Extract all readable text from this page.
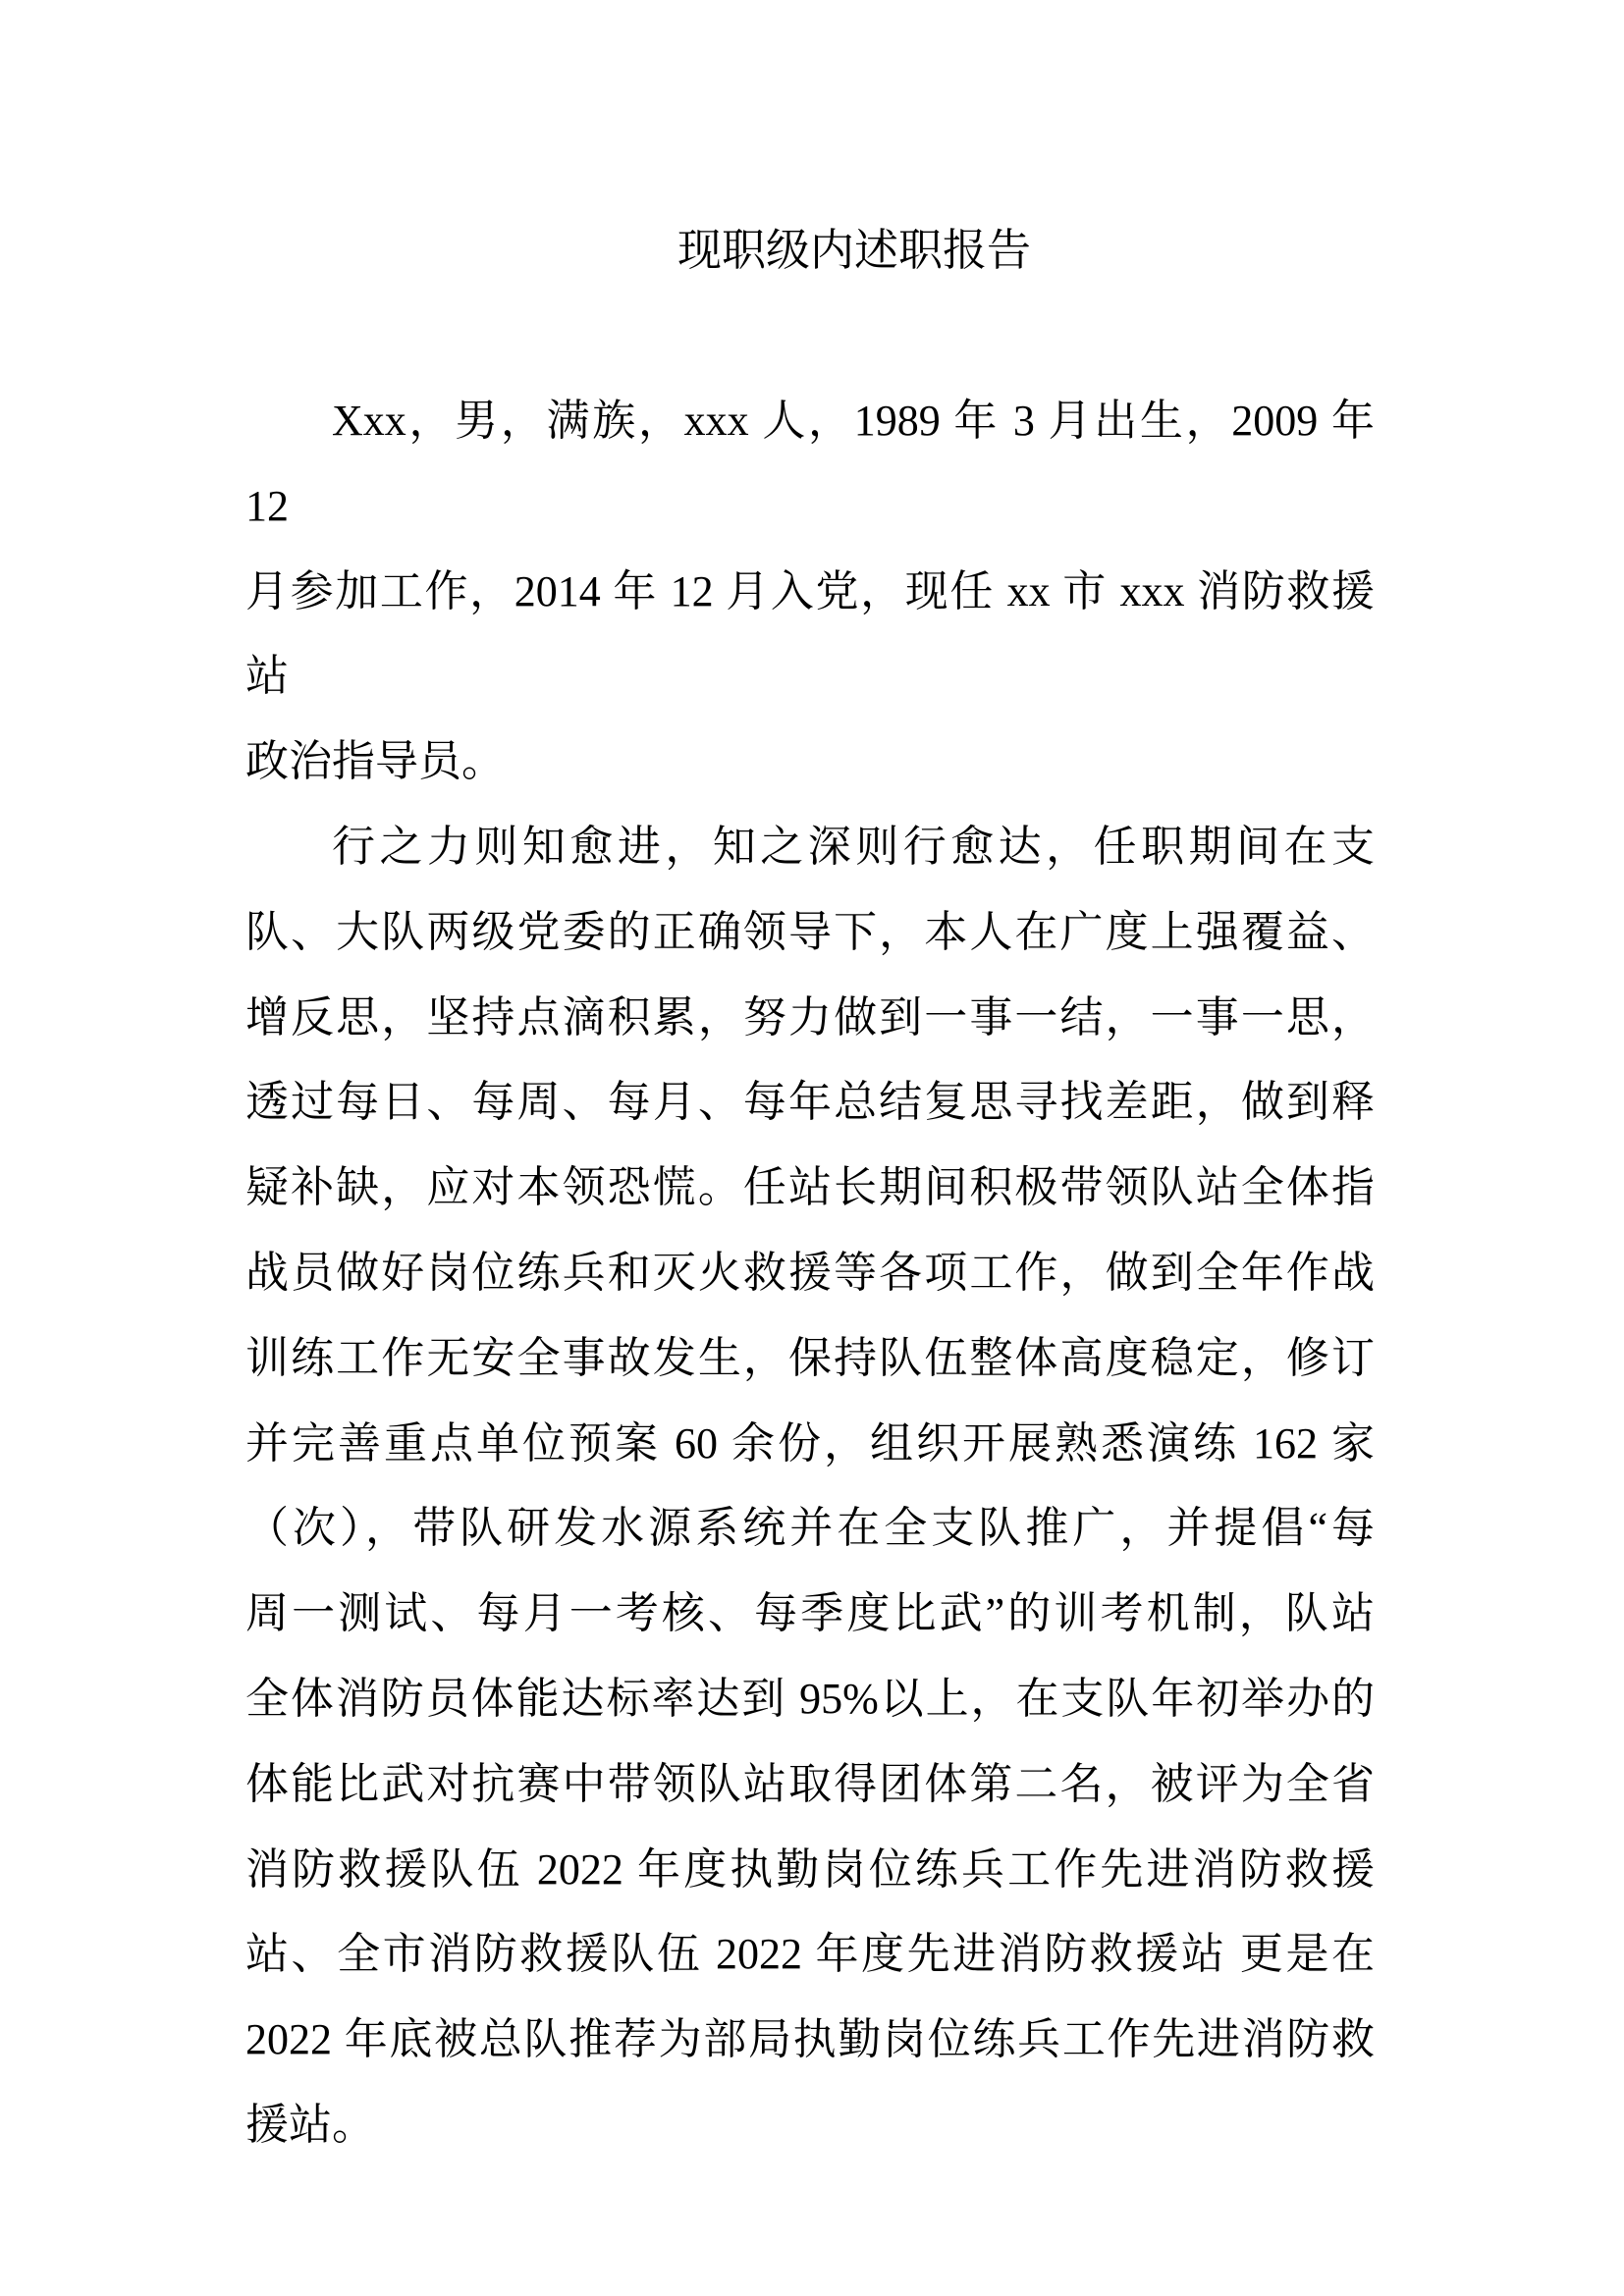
现职级内述职报告
Xxx，男，满族，xxx 人，1989 年 3 月出生，2009 年 12
月参加工作，2014 年 12 月入党，现任 xx 市 xxx 消防救援站
政治指导员。
行之力则知愈进，知之深则行愈达，任职期间在支
队、大队两级党委的正确领导下，本人在广度上强覆益、
增反思，坚持点滴积累，努力做到一事一结，一事一思，
透过每日、每周、每月、每年总结复思寻找差距，做到释
疑补缺，应对本领恐慌。任站长期间积极带领队站全体指
战员做好岗位练兵和灭火救援等各项工作，做到全年作战
训练工作无安全事故发生，保持队伍整体高度稳定，修订
并完善重点单位预案 60 余份，组织开展熟悉演练 162 家
（次），带队研发水源系统并在全支队推广，并提倡“每
周一测试、每月一考核、每季度比武”的训考机制，队站
全体消防员体能达标率达到 95%以上，在支队年初举办的
体能比武对抗赛中带领队站取得团体第二名，被评为全省
消防救援队伍 2022 年度执勤岗位练兵工作先进消防救援
站、全市消防救援队伍 2022 年度先进消防救援站 更是在
2022 年底被总队推荐为部局执勤岗位练兵工作先进消防救
援站。
